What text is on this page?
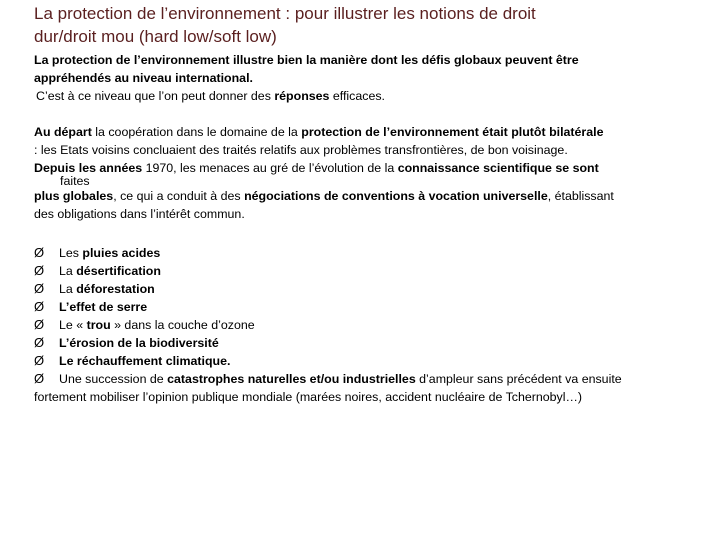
La protection de l’environnement : pour illustrer les notions de droit
dur/droit mou (hard low/soft low)
La protection de l’environnement illustre bien la manière dont les défis globaux peuvent être
appréhendés au niveau international.
C’est à ce niveau que l’on peut donner des réponses efficaces.
Au départ la coopération dans le domaine de la protection de l’environnement était plutôt bilatérale
: les Etats voisins concluaient des traités relatifs aux problèmes transfrontières, de bon voisinage.
Depuis les années 1970, les menaces au gré de l’évolution de la connaissance scientifique se sont
faites
plus globales, ce qui a conduit à des négociations de conventions à vocation universelle, établissant
des obligations dans l’intérêt commun.
Ø Les pluies acides
Ø La désertification
Ø La déforestation
Ø L’effet de serre
Ø Le « trou » dans la couche d’ozone
Ø L’érosion de la biodiversité
Ø Le réchauffement climatique.
Ø Une succession de catastrophes naturelles et/ou industrielles d’ampleur sans précédent va ensuite
fortement mobiliser l’opinion publique mondiale (marées noires, accident nucléaire de Tchernobyl…)
